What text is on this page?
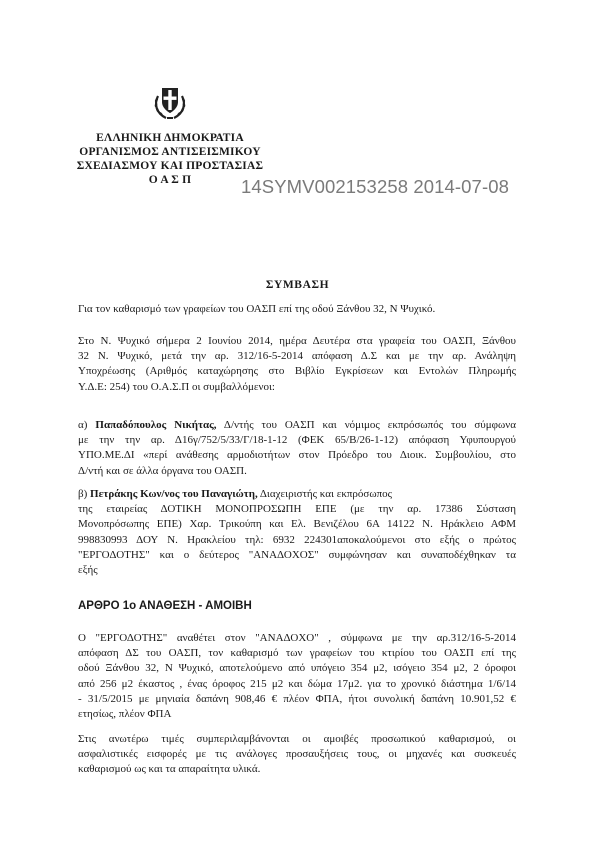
ΕΛΛΗΝΙΚΗ ΔΗΜΟΚΡΑΤΙΑ
ΟΡΓΑΝΙΣΜΟΣ ΑΝΤΙΣΕΙΣΜΙΚΟΥ
ΣΧΕΔΙΑΣΜΟΥ ΚΑΙ ΠΡΟΣΤΑΣΙΑΣ
Ο Α Σ Π	14SYMV002153258 2014-07-08
ΣΥΜΒΑΣΗ
Για τον καθαρισμό των γραφείων του ΟΑΣΠ επί της οδού Ξάνθου 32, Ν Ψυχικό.
Στο Ν. Ψυχικό σήμερα 2 Ιουνίου 2014, ημέρα Δευτέρα στα γραφεία του ΟΑΣΠ, Ξάνθου
32 Ν. Ψυχικό, μετά την αρ. 312/16-5-2014 απόφαση Δ.Σ και με την αρ. Ανάληψη
Υποχρέωσης (Αριθμός καταχώρησης στο Βιβλίο Εγκρίσεων και Εντολών Πληρωμής
Υ.Δ.Ε: 254) του Ο.Α.Σ.Π οι συμβαλλόμενοι:
α) Παπαδόπουλος Νικήτας, Δ/ντής του ΟΑΣΠ και νόμιμος εκπρόσωπός του σύμφωνα
με την την αρ. Δ16γ/752/5/33/Γ/18-1-12 (ΦΕΚ 65/Β/26-1-12) απόφαση Υφυπουργού
ΥΠΟ.ΜΕ.ΔΙ «περί ανάθεσης αρμοδιοτήτων στον Πρόεδρο του Διοικ. Συμβουλίου, στο
Δ/ντή και σε άλλα όργανα του ΟΑΣΠ.
β) Πετράκης Κων/νος του Παναγιώτη, Διαχειριστής και εκπρόσωπος
της εταιρείας ΔΟΤΙΚΗ ΜΟΝΟΠΡΟΣΩΠΗ ΕΠΕ (με την αρ. 17386 Σύσταση
Μονοπρόσωπης ΕΠΕ) Χαρ. Τρικούπη και Ελ. Βενιζέλου 6Α 14122 Ν. Ηράκλειο ΑΦΜ
998830993 ΔΟΥ Ν. Ηρακλείου τηλ: 6932 224301αποκαλούμενοι στο εξής ο πρώτος
"ΕΡΓΟΔΟΤΗΣ" και ο δεύτερος "ΑΝΑΔΟΧΟΣ" συμφώνησαν και συναποδέχθηκαν τα
εξής
ΑΡΘΡΟ 1ο ΑΝΑΘΕΣΗ - ΑΜΟΙΒΗ
Ο "ΕΡΓΟΔΟΤΗΣ" αναθέτει στον "ΑΝΑΔΟΧΟ" , σύμφωνα με την αρ.312/16-5-2014
απόφαση ΔΣ του ΟΑΣΠ, τον καθαρισμό των γραφείων του κτιρίου του ΟΑΣΠ επί της
οδού Ξάνθου 32, Ν Ψυχικό, αποτελούμενο από υπόγειο 354 μ2, ισόγειο 354 μ2, 2 όροφοι
από 256 μ2 έκαστος , ένας όροφος 215 μ2 και δώμα 17μ2. για το χρονικό διάστημα 1/6/14
- 31/5/2015 με μηνιαία δαπάνη 908,46 € πλέον ΦΠΑ, ήτοι συνολική δαπάνη 10.901,52 €
ετησίως, πλέον ΦΠΑ
Στις ανωτέρω τιμές συμπεριλαμβάνονται οι αμοιβές προσωπικού καθαρισμού, οι
ασφαλιστικές εισφορές με τις ανάλογες προσαυξήσεις τους, οι μηχανές και συσκευές
καθαρισμού ως και τα απαραίτητα υλικά.
